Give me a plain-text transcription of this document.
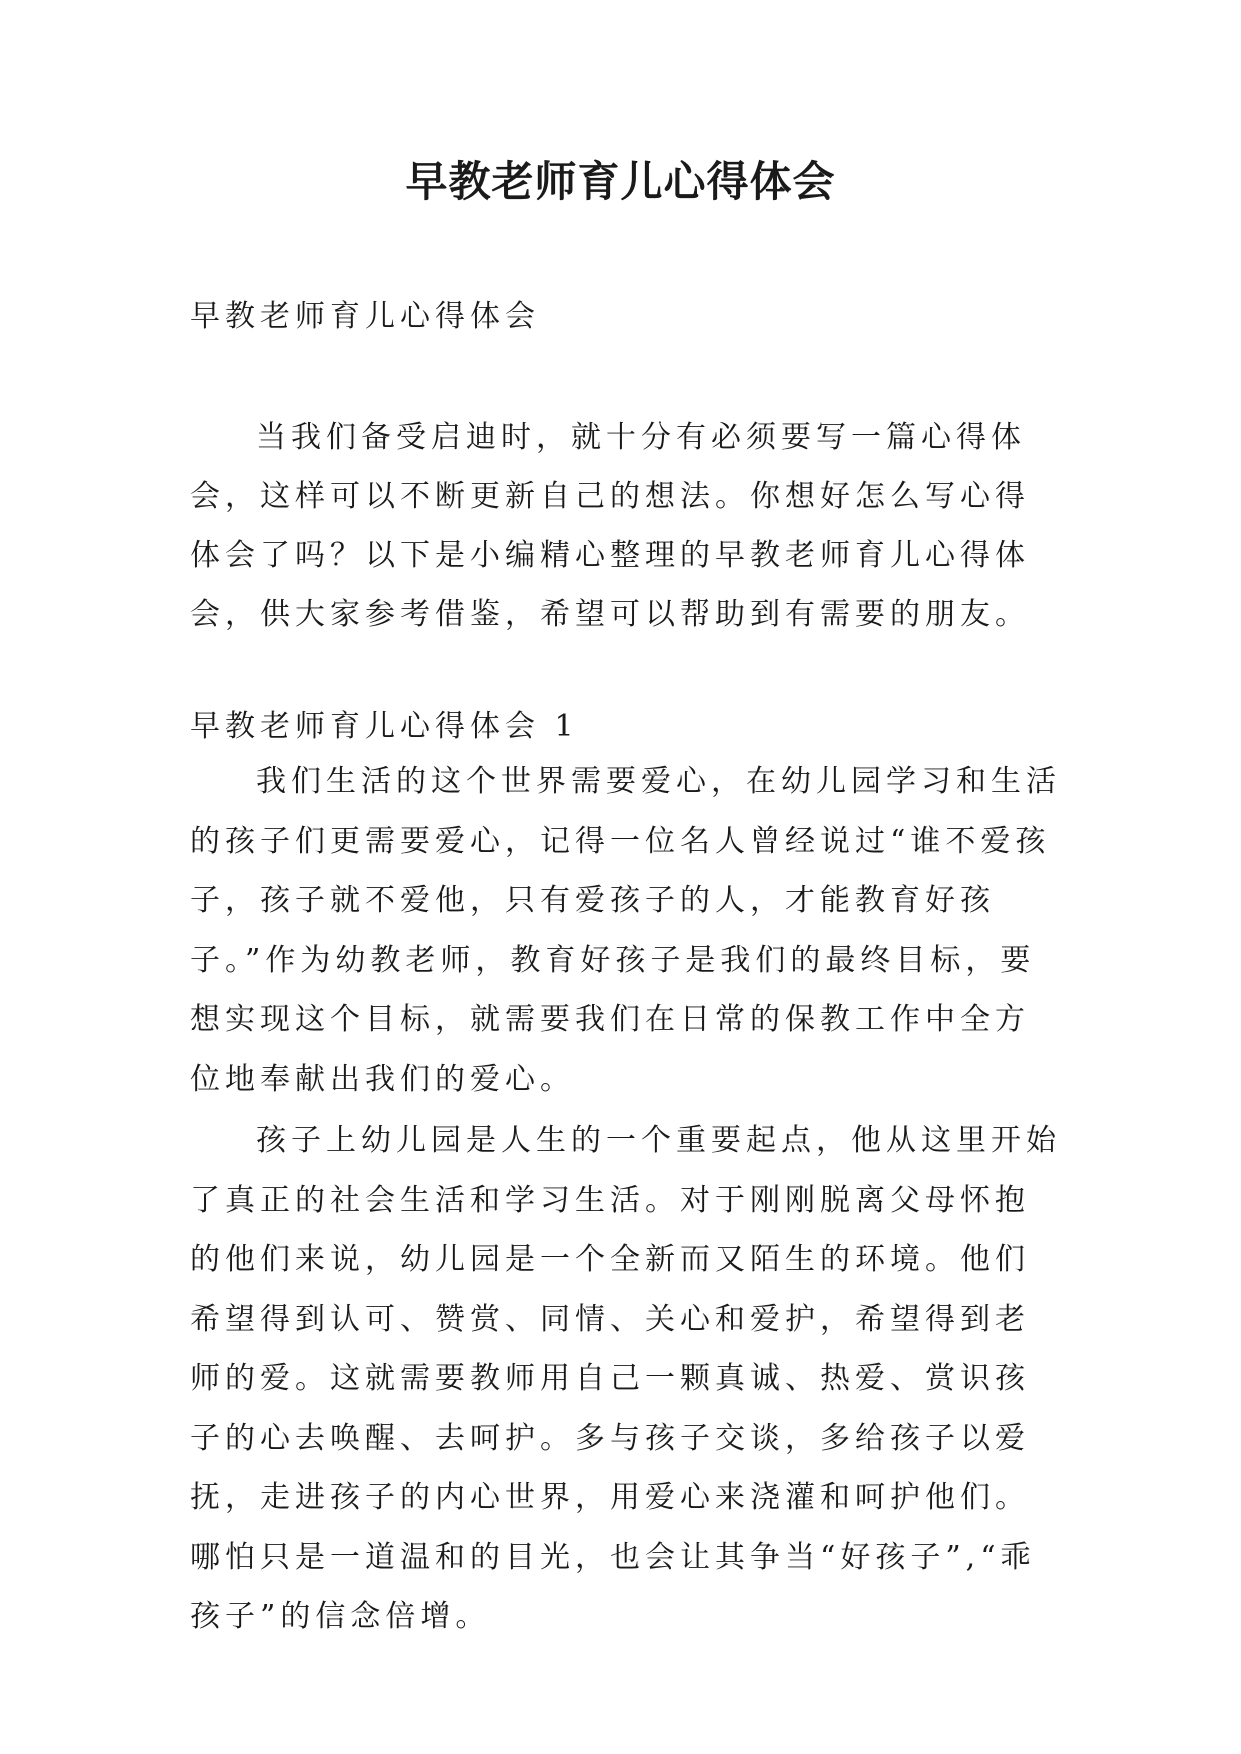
早教老师育儿心得体会
早教老师育儿心得体会

当我们备受启迪时，就十分有必须要写一篇心得体会，这样可以不断更新自己的想法。你想好怎么写心得体会了吗？以下是小编精心整理的早教老师育儿心得体会，供大家参考借鉴，希望可以帮助到有需要的朋友。

早教老师育儿心得体会 1

我们生活的这个世界需要爱心，在幼儿园学习和生活的孩子们更需要爱心，记得一位名人曾经说过“谁不爱孩子，孩子就不爱他，只有爱孩子的人，才能教育好孩子。”作为幼教老师，教育好孩子是我们的最终目标，要想实现这个目标，就需要我们在日常的保教工作中全方位地奉献出我们的爱心。

孩子上幼儿园是人生的一个重要起点，他从这里开始了真正的社会生活和学习生活。对于刚刚脱离父母怀抱的他们来说，幼儿园是一个全新而又陌生的环境。他们希望得到认可、赞赏、同情、关心和爱护，希望得到老师的爱。这就需要教师用自己一颗真诚、热爱、赏识孩子的心去唤醒、去呵护。多与孩子交谈，多给孩子以爱抚，走进孩子的内心世界，用爱心来浇灌和呵护他们。哪怕只是一道温和的目光，也会让其争当“好孩子”,“乖孩子”的信念倍增。
